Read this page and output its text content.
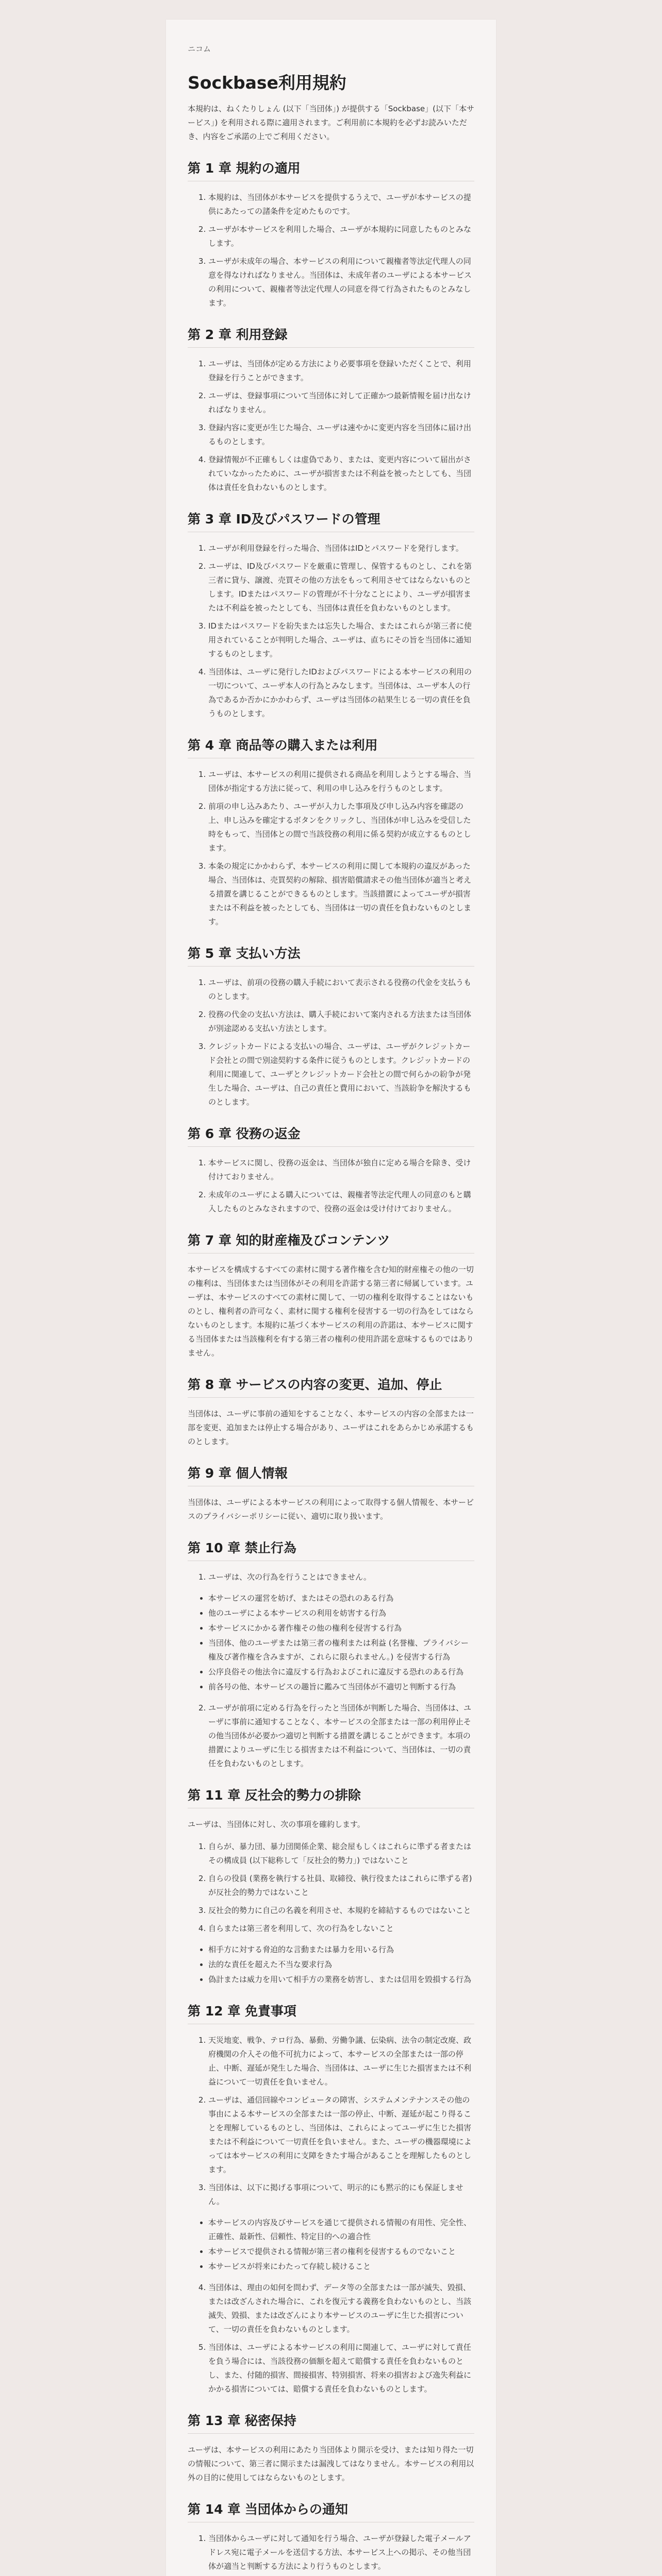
ニコム
Sockbase利用規約

本規約は、ねくたりしょん (以下「当団体」) が提供する「Sockbase」(以下「本サービス」) を利用される際に適用されます。ご利用前に本規約を必ずお読みいただき、内容をご承諾の上でご利用ください。

第 1 章 規約の適用
1. 本規約は、当団体が本サービスを提供するうえで、ユーザが本サービスの提供にあたっての諸条件を定めたものです。
2. ユーザが本サービスを利用した場合、ユーザが本規約に同意したものとみなします。
3. ユーザが未成年の場合、本サービスの利用について親権者等法定代理人の同意を得なければなりません。当団体は、未成年者のユーザによる本サービスの利用について、親権者等法定代理人の同意を得て行為されたものとみなします。
第 2 章 利用登録
1. ユーザは、当団体が定める方法により必要事項を登録いただくことで、利用登録を行うことができます。
2. ユーザは、登録事項について当団体に対して正確かつ最新情報を届け出なければなりません。
3. 登録内容に変更が生じた場合、ユーザは速やかに変更内容を当団体に届け出るものとします。
4. 登録情報が不正確もしくは虚偽であり、または、変更内容について届出がされていなかったために、ユーザが損害または不利益を被ったとしても、当団体は責任を負わないものとします。
第 3 章 ID及びパスワードの管理
1. ユーザが利用登録を行った場合、当団体はIDとパスワードを発行します。
2. ユーザは、ID及びパスワードを厳重に管理し、保管するものとし、これを第三者に貸与、譲渡、売買その他の方法をもって利用させてはならないものとします。IDまたはパスワードの管理が不十分なことにより、ユーザが損害または不利益を被ったとしても、当団体は責任を負わないものとします。
3. IDまたはパスワードを紛失または忘失した場合、またはこれらが第三者に使用されていることが判明した場合、ユーザは、直ちにその旨を当団体に通知するものとします。
4. 当団体は、ユーザに発行したIDおよびパスワードによる本サービスの利用の一切について、ユーザ本人の行為とみなします。当団体は、ユーザ本人の行為であるか否かにかかわらず、ユーザは当団体の結果生じる一切の責任を負うものとします。
第 4 章 商品等の購入または利用
1. ユーザは、本サービスの利用に提供される商品を利用しようとする場合、当団体が指定する方法に従って、利用の申し込みを行うものとします。
2. 前項の申し込みあたり、ユーザが入力した事項及び申し込み内容を確認の上、申し込みを確定するボタンをクリックし、当団体が申し込みを受信した時をもって、当団体との間で当該役務の利用に係る契約が成立するものとします。
3. 本条の規定にかかわらず、本サービスの利用に関して本規約の違反があった場合、当団体は、売買契約の解除、損害賠償請求その他当団体が適当と考える措置を講じることができるものとします。当該措置によってユーザが損害または不利益を被ったとしても、当団体は一切の責任を負わないものとします。
第 5 章 支払い方法
1. ユーザは、前項の役務の購入手続において表示される役務の代金を支払うものとします。
2. 役務の代金の支払い方法は、購入手続において案内される方法または当団体が別途認める支払い方法とします。
3. クレジットカードによる支払いの場合、ユーザは、ユーザがクレジットカード会社との間で別途契約する条件に従うものとします。クレジットカードの利用に関連して、ユーザとクレジットカード会社との間で何らかの紛争が発生した場合、ユーザは、自己の責任と費用において、当該紛争を解決するものとします。
第 6 章 役務の返金
1. 本サービスに関し、役務の返金は、当団体が独自に定める場合を除き、受け付けておりません。
2. 未成年のユーザによる購入については、親権者等法定代理人の同意のもと購入したものとみなされますので、役務の返金は受け付けておりません。
第 7 章 知的財産権及びコンテンツ

本サービスを構成するすべての素材に関する著作権を含む知的財産権その他の一切の権利は、当団体または当団体がその利用を許諾する第三者に帰属しています。ユーザは、本サービスのすべての素材に関して、一切の権利を取得することはないものとし、権利者の許可なく、素材に関する権利を侵害する一切の行為をしてはならないものとします。本規約に基づく本サービスの利用の許諾は、本サービスに関する当団体または当該権利を有する第三者の権利の使用許諾を意味するものではありません。

第 8 章 サービスの内容の変更、追加、停止

当団体は、ユーザに事前の通知をすることなく、本サービスの内容の全部または一部を変更、追加または停止する場合があり、ユーザはこれをあらかじめ承諾するものとします。

第 9 章 個人情報

当団体は、ユーザによる本サービスの利用によって取得する個人情報を、本サービスのプライバシーポリシーに従い、適切に取り扱います。

第 10 章 禁止行為
1. ユーザは、次の行為を行うことはできません。
• 本サービスの運営を妨げ、またはその恐れのある行為
• 他のユーザによる本サービスの利用を妨害する行為
• 本サービスにかかる著作権その他の権利を侵害する行為
• 当団体、他のユーザまたは第三者の権利または利益 (名誉権、プライバシー権及び著作権を含みますが、これらに限られません。) を侵害する行為
• 公序良俗その他法令に違反する行為およびこれに違反する恐れのある行為
• 前各号の他、本サービスの趣旨に鑑みて当団体が不適切と判断する行為
2. ユーザが前項に定める行為を行ったと当団体が判断した場合、当団体は、ユーザに事前に通知することなく、本サービスの全部または一部の利用停止その他当団体が必要かつ適切と判断する措置を講じることができます。本項の措置によりユーザに生じる損害または不利益について、当団体は、一切の責任を負わないものとします。
第 11 章 反社会的勢力の排除

ユーザは、当団体に対し、次の事項を確約します。

1. 自らが、暴力団、暴力団関係企業、総会屋もしくはこれらに準ずる者またはその構成員 (以下総称して「反社会的勢力」) ではないこと
2. 自らの役員 (業務を執行する社員、取締役、執行役またはこれらに準ずる者) が反社会的勢力ではないこと
3. 反社会的勢力に自己の名義を利用させ、本規約を締結するものではないこと
4. 自らまたは第三者を利用して、次の行為をしないこと
• 相手方に対する脅迫的な言動または暴力を用いる行為
• 法的な責任を超えた不当な要求行為
• 偽計または威力を用いて相手方の業務を妨害し、または信用を毀損する行為
第 12 章 免責事項
1. 天災地変、戦争、テロ行為、暴動、労働争議、伝染病、法令の制定改廃、政府機関の介入その他不可抗力によって、本サービスの全部または一部の停止、中断、遅延が発生した場合、当団体は、ユーザに生じた損害または不利益について一切責任を負いません。
2. ユーザは、通信回線やコンピュータの障害、システムメンテナンスその他の事由による本サービスの全部または一部の停止、中断、遅延が起こり得ることを理解しているものとし、当団体は、これらによってユーザに生じた損害または不利益について一切責任を負いません。また、ユーザの機器環境によっては本サービスの利用に支障をきたす場合があることを理解したものとします。
3. 当団体は、以下に掲げる事項について、明示的にも黙示的にも保証しません。
• 本サービスの内容及びサービスを通じて提供される情報の有用性、完全性、正確性、最新性、信頼性、特定目的への適合性
• 本サービスで提供される情報が第三者の権利を侵害するものでないこと
• 本サービスが将来にわたって存続し続けること
4. 当団体は、理由の如何を問わず、データ等の全部または一部が滅失、毀損、または改ざんされた場合に、これを復元する義務を負わないものとし、当該滅失、毀損、または改ざんにより本サービスのユーザに生じた損害について、一切の責任を負わないものとします。
5. 当団体は、ユーザによる本サービスの利用に関連して、ユーザに対して責任を負う場合には、当該役務の価額を超えて賠償する責任を負わないものとし、また、付随的損害、間接損害、特別損害、将来の損害および逸失利益にかかる損害については、賠償する責任を負わないものとします。
第 13 章 秘密保持

ユーザは、本サービスの利用にあたり当団体より開示を受け、または知り得た一切の情報について、第三者に開示または漏洩してはなりません。本サービスの利用以外の目的に使用してはならないものとします。

第 14 章 当団体からの通知
1. 当団体からユーザに対して通知を行う場合、ユーザが登録した電子メールアドレス宛に電子メールを送信する方法、本サービス上への掲示、その他当団体が適当と判断する方法により行うものとします。
